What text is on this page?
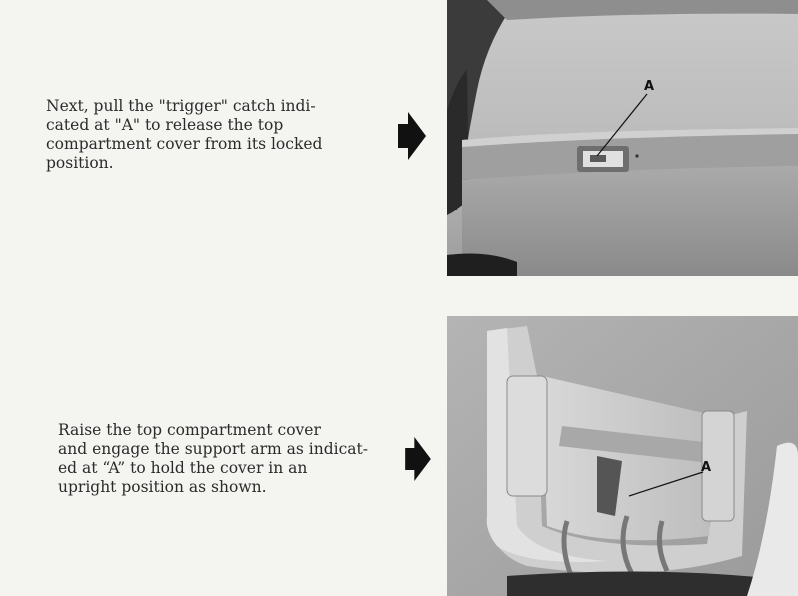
Next, pull the "trigger" catch indi-
cated at "A" to release the top
compartment cover from its locked
position.
A
Raise the top compartment cover
and engage the support arm as indicat-
ed at “A” to hold the cover in an
upright position as shown.
A
